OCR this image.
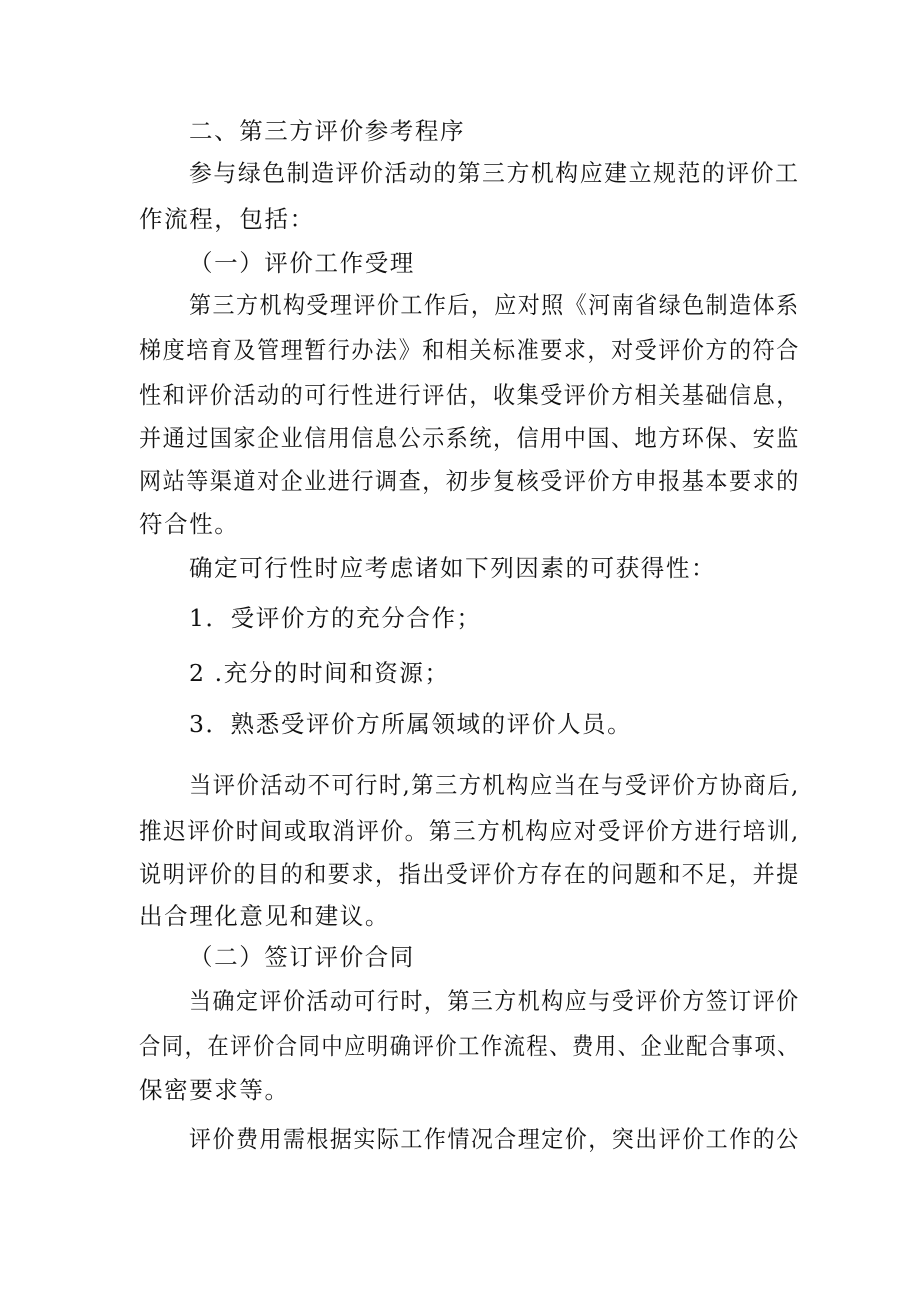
二、第三方评价参考程序
参与绿色制造评价活动的第三方机构应建立规范的评价工
作流程，包括：
（一）评价工作受理
第三方机构受理评价工作后，应对照《河南省绿色制造体系
梯度培育及管理暂行办法》和相关标准要求，对受评价方的符合
性和评价活动的可行性进行评估，收集受评价方相关基础信息，
并通过国家企业信用信息公示系统，信用中国、地方环保、安监
网站等渠道对企业进行调查，初步复核受评价方申报基本要求的
符合性。
确定可行性时应考虑诸如下列因素的可获得性：
1．受评价方的充分合作；
2 .充分的时间和资源；
3．熟悉受评价方所属领域的评价人员。
当评价活动不可行时,第三方机构应当在与受评价方协商后,
推迟评价时间或取消评价。第三方机构应对受评价方进行培训,
说明评价的目的和要求，指出受评价方存在的问题和不足，并提
出合理化意见和建议。
（二）签订评价合同
当确定评价活动可行时，第三方机构应与受评价方签订评价
合同，在评价合同中应明确评价工作流程、费用、企业配合事项、
保密要求等。
评价费用需根据实际工作情况合理定价，突出评价工作的公
